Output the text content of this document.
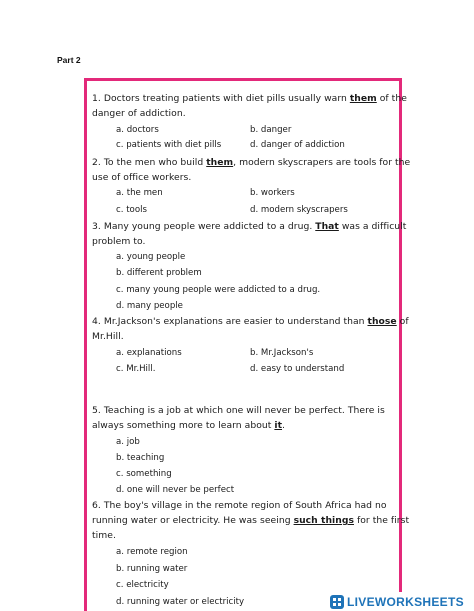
Part 2
1. Doctors treating patients with diet pills usually warn them of the
danger of addiction.
a. doctors	b. danger
c. patients with diet pills	d. danger of addiction
2. To the men who build them, modern skyscrapers are tools for the
use of office workers.
a. the men	b. workers
c. tools	d. modern skyscrapers
3. Many young people were addicted to a drug. That was a difficult
problem to.
a. young people
b. different problem
c. many young people were addicted to a drug.
d. many people
4. Mr.Jackson's explanations are easier to understand than those of
Mr.Hill.
a. explanations	b. Mr.Jackson's
c. Mr.Hill.	d. easy to understand
5. Teaching is a job at which one will never be perfect. There is
always something more to learn about it.
a. job
b. teaching
c. something
d. one will never be perfect
6. The boy's village in the remote region of South Africa had no
running water or electricity. He was seeing such things for the first
time.
a. remote region
b. running water
c. electricity
d. running water or electricity	LIVEWORKSHEETS
